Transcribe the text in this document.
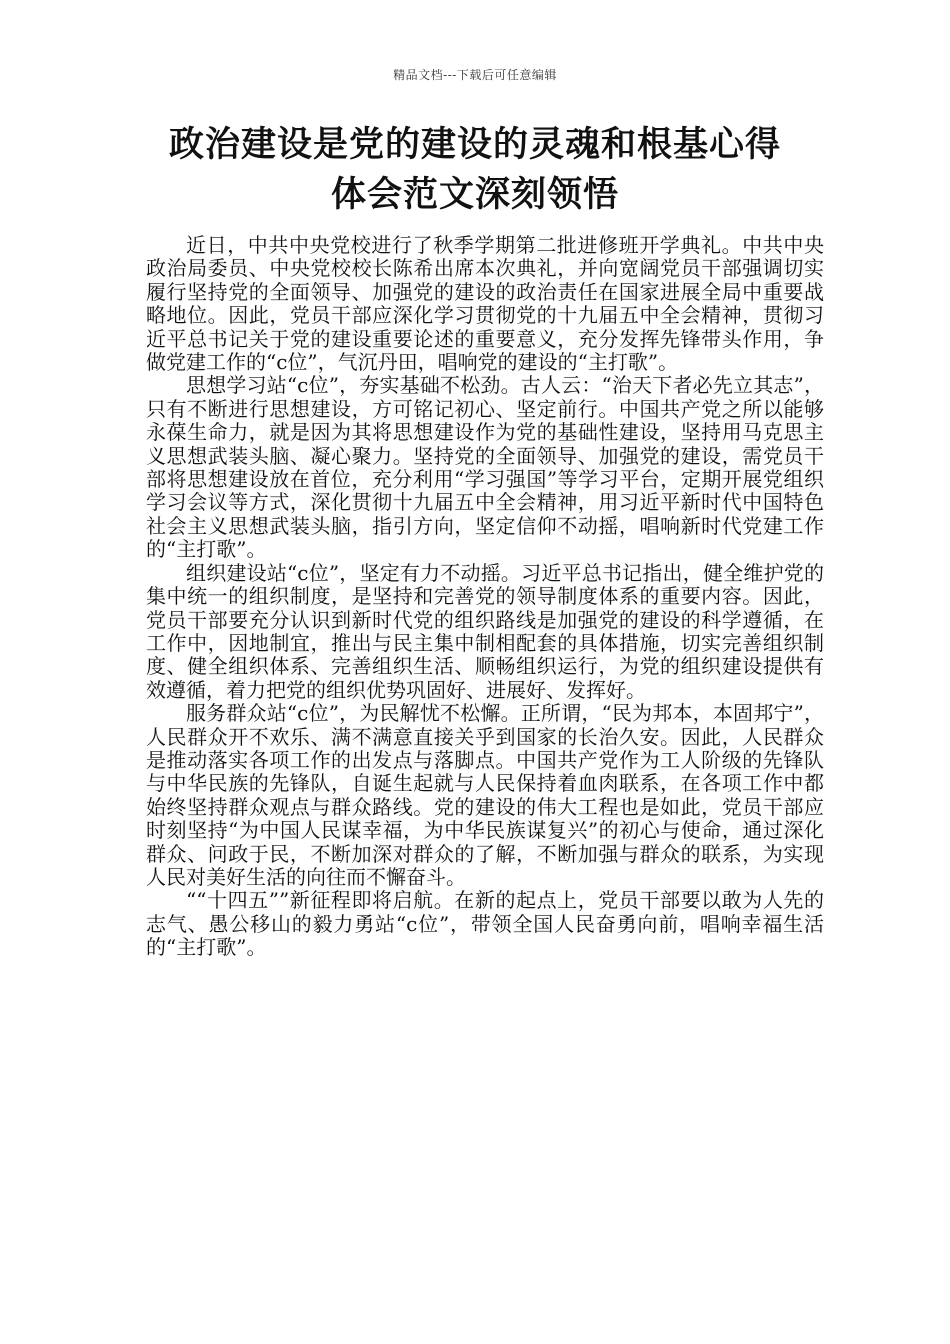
精品文档---下载后可任意编辑
政治建设是党的建设的灵魂和根基心得
体会范文深刻领悟

近日，中共中央党校进行了秋季学期第二批进修班开学典礼。中共中央政治局委员、中央党校校长陈希出席本次典礼，并向宽阔党员干部强调切实履行坚持党的全面领导、加强党的建设的政治责任在国家进展全局中重要战略地位。因此，党员干部应深化学习贯彻党的十九届五中全会精神，贯彻习近平总书记关于党的建设重要论述的重要意义，充分发挥先锋带头作用，争做党建工作的“c位”，气沉丹田，唱响党的建设的“主打歌”。

思想学习站“c位”，夯实基础不松劲。古人云：“治天下者必先立其志”，只有不断进行思想建设，方可铭记初心、坚定前行。中国共产党之所以能够永葆生命力，就是因为其将思想建设作为党的基础性建设，坚持用马克思主义思想武装头脑、凝心聚力。坚持党的全面领导、加强党的建设，需党员干部将思想建设放在首位，充分利用“学习强国”等学习平台，定期开展党组织学习会议等方式，深化贯彻十九届五中全会精神，用习近平新时代中国特色社会主义思想武装头脑，指引方向，坚定信仰不动摇，唱响新时代党建工作的“主打歌”。

组织建设站“c位”，坚定有力不动摇。习近平总书记指出，健全维护党的集中统一的组织制度，是坚持和完善党的领导制度体系的重要内容。因此，党员干部要充分认识到新时代党的组织路线是加强党的建设的科学遵循，在工作中，因地制宜，推出与民主集中制相配套的具体措施，切实完善组织制度、健全组织体系、完善组织生活、顺畅组织运行，为党的组织建设提供有效遵循，着力把党的组织优势巩固好、进展好、发挥好。

服务群众站“c位”，为民解忧不松懈。正所谓，“民为邦本，本固邦宁”，人民群众开不欢乐、满不满意直接关乎到国家的长治久安。因此，人民群众是推动落实各项工作的出发点与落脚点。中国共产党作为工人阶级的先锋队与中华民族的先锋队，自诞生起就与人民保持着血肉联系，在各项工作中都始终坚持群众观点与群众路线。党的建设的伟大工程也是如此，党员干部应时刻坚持“为中国人民谋幸福，为中华民族谋复兴”的初心与使命，通过深化群众、问政于民，不断加深对群众的了解，不断加强与群众的联系，为实现人民对美好生活的向往而不懈奋斗。

““十四五””新征程即将启航。在新的起点上，党员干部要以敢为人先的志气、愚公移山的毅力勇站“c位”，带领全国人民奋勇向前，唱响幸福生活的“主打歌”。
